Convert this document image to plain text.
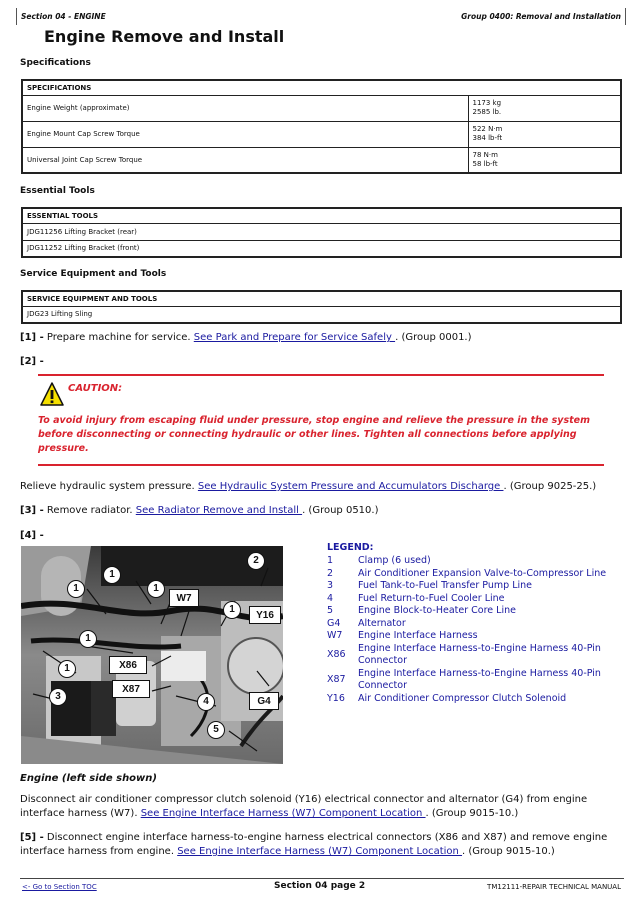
Section 04 - ENGINE	Group 0400: Removal and Installation
Engine Remove and Install
Specifications
SPECIFICATIONS	
Engine Weight (approximate)	1173 kg
2585 lb.

Engine Mount Cap Screw Torque	522 N·m
384 lb-ft

Universal Joint Cap Screw Torque	78 N·m
58 lb-ft
Essential Tools
ESSENTIAL TOOLS
JDG11256 Lifting Bracket (rear)
JDG11252 Lifting Bracket (front)
Service Equipment and Tools
SERVICE EQUIPMENT AND TOOLS
JDG23 Lifting Sling
[1] - Prepare machine for service. See Park and Prepare for Service Safely . (Group 0001.)
[2] -
CAUTION:
To avoid injury from escaping fluid under pressure, stop engine and relieve the pressure in the system before disconnecting or connecting hydraulic or other lines. Tighten all connections before applying pressure.
Relieve hydraulic system pressure. See Hydraulic System Pressure and Accumulators Discharge . (Group 9025-25.)
[3] - Remove radiator. See Radiator Remove and Install . (Group 0510.)
[4] -
1
1
1
1
1
1
2
3	4
5
W7
Y16
X86
X87
G4
LEGEND:
1	Clamp (6 used)
2	Air Conditioner Expansion Valve-to-Compressor Line
3	Fuel Tank-to-Fuel Transfer Pump Line
4	Fuel Return-to-Fuel Cooler Line
5	Engine Block-to-Heater Core Line
G4	Alternator
W7	Engine Interface Harness
X86
Engine Interface Harness-to-Engine Harness 40-Pin Connector
X87
Engine Interface Harness-to-Engine Harness 40-Pin Connector
Y16	Air Conditioner Compressor Clutch Solenoid
Engine (left side shown)
Disconnect air conditioner compressor clutch solenoid (Y16) electrical connector and alternator (G4) from engine interface harness (W7). See Engine Interface Harness (W7) Component Location . (Group 9015-10.)
[5] - Disconnect engine interface harness-to-engine harness electrical connectors (X86 and X87) and remove engine interface harness from engine. See Engine Interface Harness (W7) Component Location . (Group 9015-10.)
<- Go to Section TOC	Section 04 page 2	TM12111-REPAIR TECHNICAL MANUAL
